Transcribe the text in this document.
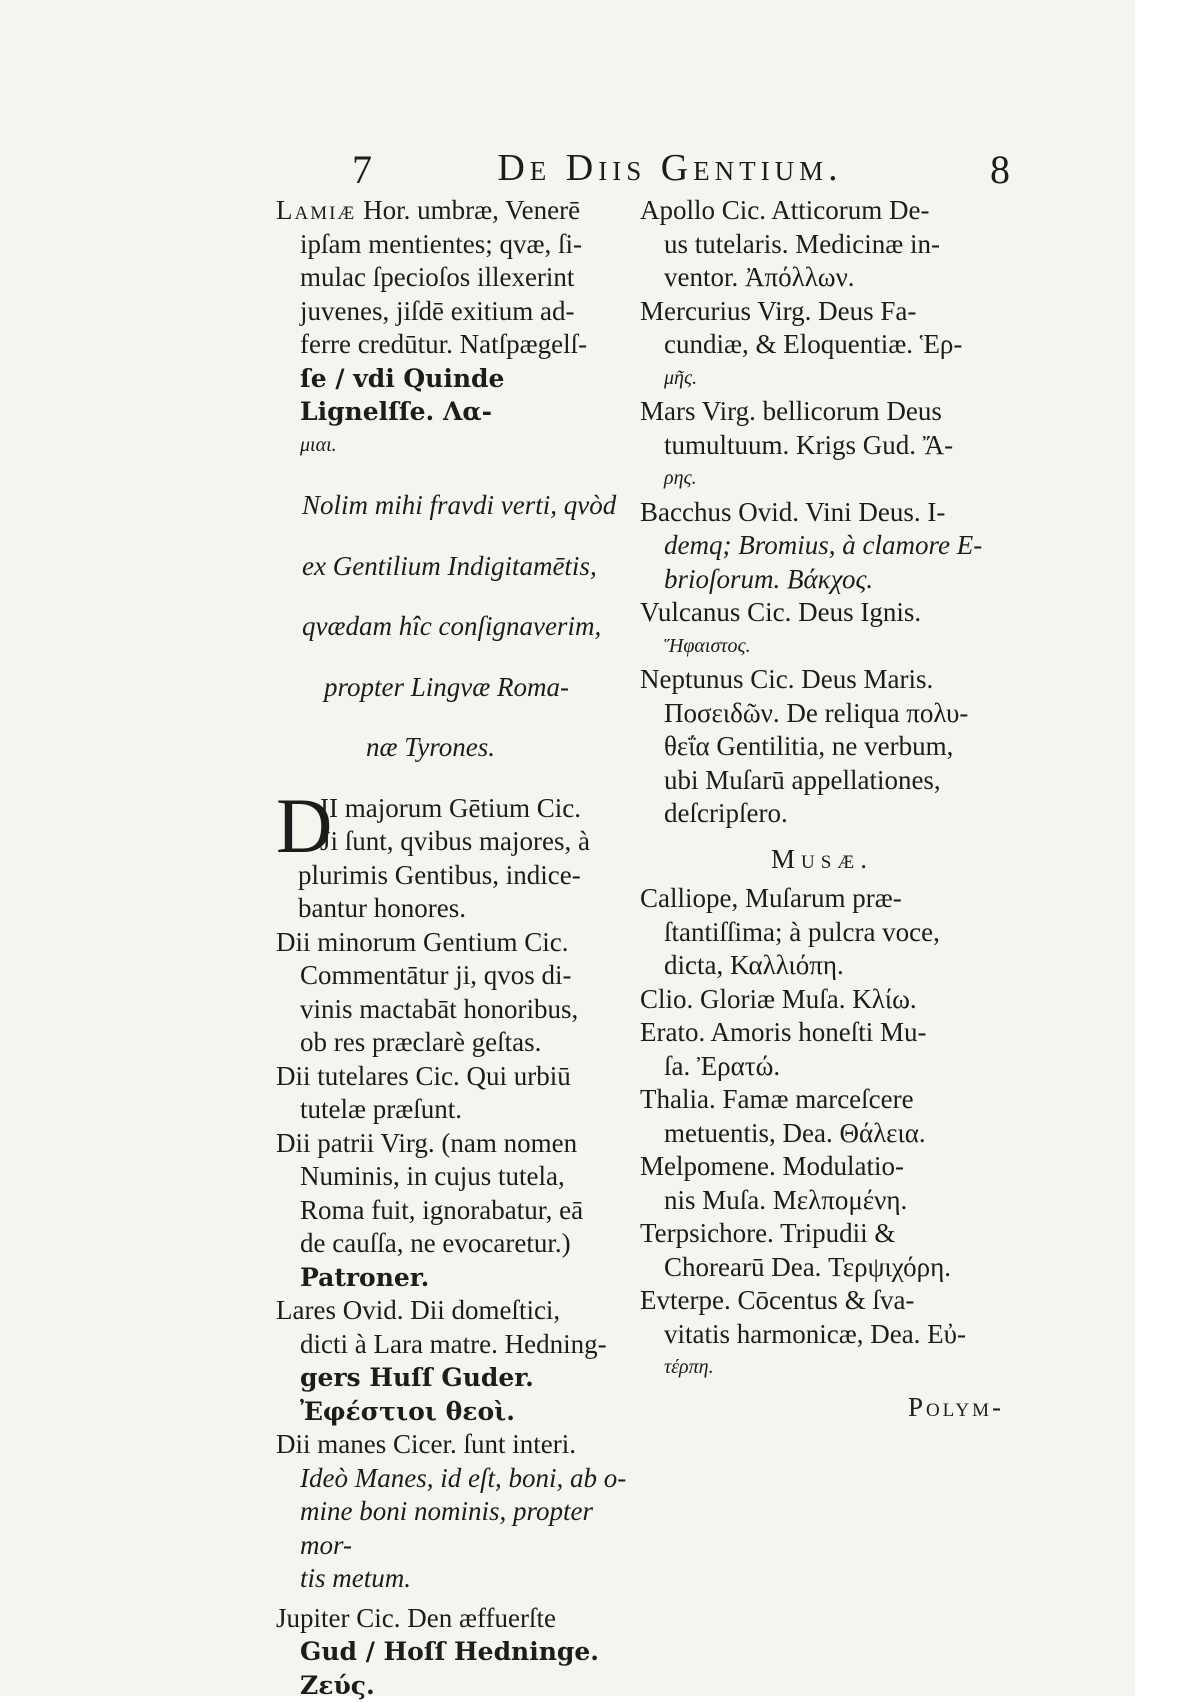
7	De Diis Gentium.	8

Lamiæ Hor. umbræ, Venerē

ipſam mentientes; qvæ, ſi-

mulac ſpecioſos illexerint

juvenes, jiſdē exitium ad-

ferre credūtur. Natſpægelſ-

ſe / vdi Quinde Lignelſſe. Λα-

μιαι.

Nolim mihi fravdi verti, qvòd

ex Gentilium Indigitamētis,

qvædam hîc conſignaverim,

propter Lingvæ Roma-

næ Tyrones.

D

II majorum Gētium Cic.

Ji ſunt, qvibus majores, à

plurimis Gentibus, indice-

bantur honores.

Dii minorum Gentium Cic.

Commentātur ji, qvos di-

vinis mactabāt honoribus,

ob res præclarè geſtas.

Dii tutelares Cic. Qui urbiū

tutelæ præſunt.

Dii patrii Virg. (nam nomen

Numinis, in cujus tutela,

Roma fuit, ignorabatur, eā

de cauſſa, ne evocaretur.)

Patroner.

Lares Ovid. Dii domeſtici,

dicti à Lara matre. Hedning-

gers Huſſ Guder. Ἐφέστιοι θεοὶ.

Dii manes Cicer. ſunt interi.

Ideò Manes, id eſt, boni, ab o-

mine boni nominis, propter mor-

tis metum.

Jupiter Cic. Den æffuerſte

Gud / Hoſſ Hedninge. Ζεύς.

Apollo Cic. Atticorum De-

us tutelaris. Medicinæ in-

ventor. Ἀπόλλων.

Mercurius Virg. Deus Fa-

cundiæ, & Eloquentiæ. Ἑρ-

μῆς.

Mars Virg. bellicorum Deus

tumultuum. Krigs Gud. Ἄ-

ρης.

Bacchus Ovid. Vini Deus. I-

demq; Bromius, à clamore E-

brioſorum. Βάκχος.

Vulcanus Cic. Deus Ignis.

Ἥφαιστος.

Neptunus Cic. Deus Maris.

Ποσειδῶν. De reliqua πολυ-

θεΐα Gentilitia, ne verbum,

ubi Muſarū appellationes,

deſcripſero.

Musæ.

Calliope, Muſarum præ-

ſtantiſſima; à pulcra voce,

dicta, Καλλιόπη.

Clio. Gloriæ Muſa. Κλίω.

Erato. Amoris honeſti Mu-

ſa. Ἐρατώ.

Thalia. Famæ marceſcere

metuentis, Dea. Θάλεια.

Melpomene. Modulatio-

nis Muſa. Μελπομένη.

Terpsichore. Tripudii &

Chorearū Dea. Τερψιχόρη.

Evterpe. Cōcentus & ſva-

vitatis harmonicæ, Dea. Εὐ-

τέρπη.

Polym-
